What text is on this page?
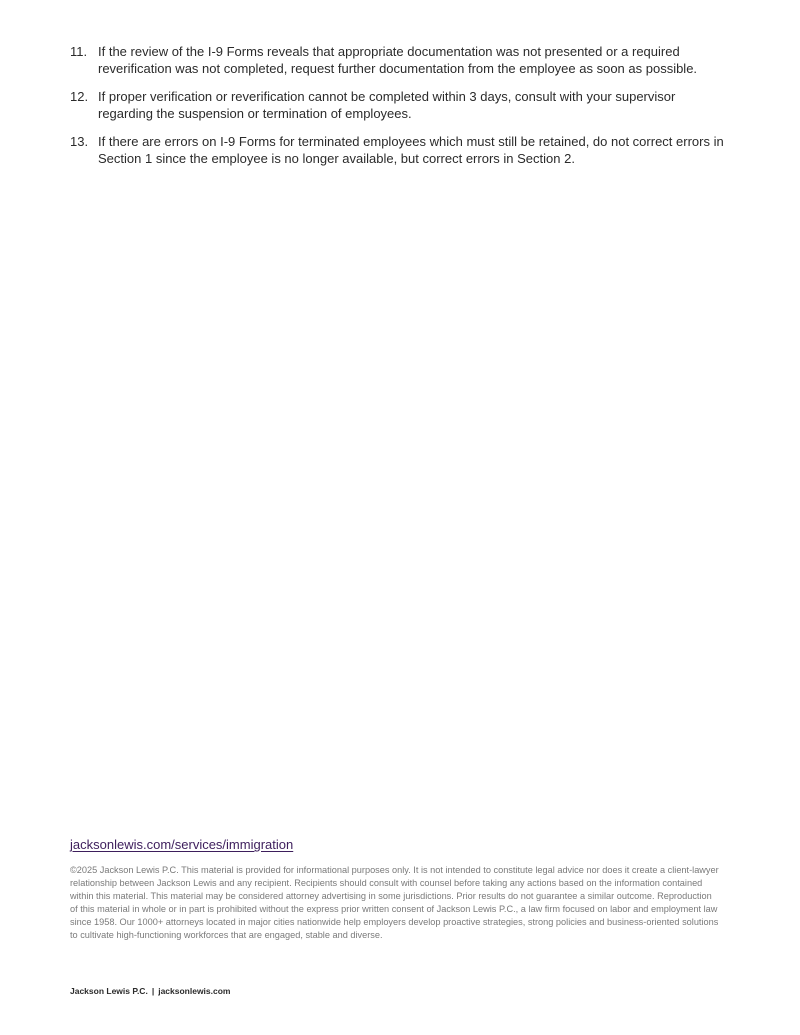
11. If the review of the I-9 Forms reveals that appropriate documentation was not presented or a required reverification was not completed, request further documentation from the employee as soon as possible.
12. If proper verification or reverification cannot be completed within 3 days, consult with your supervisor regarding the suspension or termination of employees.
13. If there are errors on I-9 Forms for terminated employees which must still be retained, do not correct errors in Section 1 since the employee is no longer available, but correct errors in Section 2.
jacksonlewis.com/services/immigration

©2025 Jackson Lewis P.C. This material is provided for informational purposes only. It is not intended to constitute legal advice nor does it create a client-lawyer relationship between Jackson Lewis and any recipient. Recipients should consult with counsel before taking any actions based on the information contained within this material. This material may be considered attorney advertising in some jurisdictions. Prior results do not guarantee a similar outcome. Reproduction of this material in whole or in part is prohibited without the express prior written consent of Jackson Lewis P.C., a law firm focused on labor and employment law since 1958. Our 1000+ attorneys located in major cities nationwide help employers develop proactive strategies, strong policies and business-oriented solutions to cultivate high-functioning workforces that are engaged, stable and diverse.

Jackson Lewis P.C. | jacksonlewis.com
